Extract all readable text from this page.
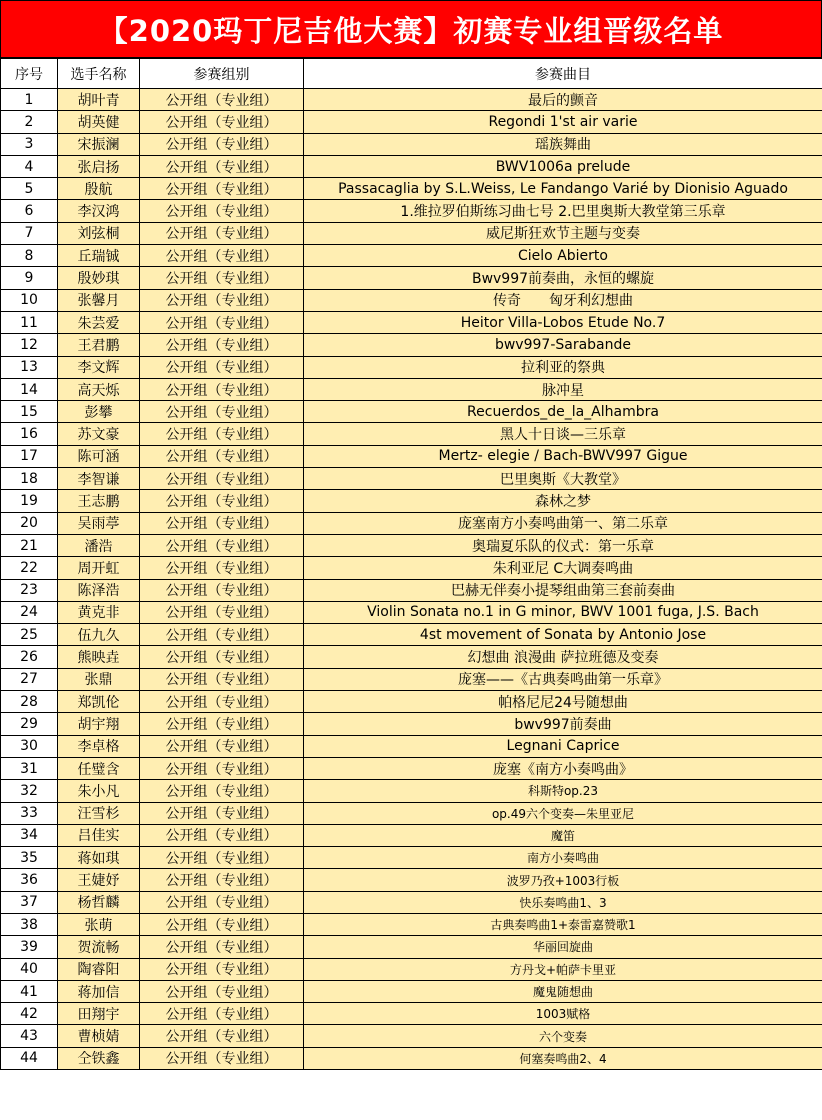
【2020玛丁尼吉他大赛】初赛专业组晋级名单
序号	选手名称	参赛组别	参赛曲目
1	胡叶青	公开组（专业组）	最后的颤音
2	胡英健	公开组（专业组）	Regondi 1'st air varie
3	宋振澜	公开组（专业组）	瑶族舞曲
4	张启扬	公开组（专业组）	BWV1006a prelude
5	殷航	公开组（专业组）	Passacaglia by S.L.Weiss, Le Fandango Varié by Dionisio Aguado
6	李汉鸿	公开组（专业组）	1.维拉罗伯斯练习曲七号 2.巴里奥斯大教堂第三乐章
7	刘弦桐	公开组（专业组）	威尼斯狂欢节主题与变奏
8	丘瑞铖	公开组（专业组）	Cielo Abierto
9	殷妙琪	公开组（专业组）	Bwv997前奏曲，永恒的螺旋
10	张馨月	公开组（专业组）	传奇　　匈牙利幻想曲
11	朱芸爱	公开组（专业组）	Heitor Villa-Lobos Etude No.7
12	王君鹏	公开组（专业组）	bwv997-Sarabande
13	李文辉	公开组（专业组）	拉利亚的祭典
14	高天烁	公开组（专业组）	脉冲星
15	彭攀	公开组（专业组）	Recuerdos_de_la_Alhambra
16	苏文豪	公开组（专业组）	黑人十日谈—三乐章
17	陈可涵	公开组（专业组）	Mertz- elegie / Bach-BWV997 Gigue
18	李智谦	公开组（专业组）	巴里奥斯《大教堂》
19	王志鹏	公开组（专业组）	森林之梦
20	吴雨葶	公开组（专业组）	庞塞南方小奏鸣曲第一、第二乐章
21	潘浩	公开组（专业组）	奥瑞夏乐队的仪式：第一乐章
22	周开虹	公开组（专业组）	朱利亚尼 C大调奏鸣曲
23	陈泽浩	公开组（专业组）	巴赫无伴奏小提琴组曲第三套前奏曲
24	黄克非	公开组（专业组）	Violin Sonata no.1 in G minor, BWV 1001 fuga, J.S. Bach
25	伍九久	公开组（专业组）	4st movement of Sonata by Antonio Jose
26	熊映垚	公开组（专业组）	幻想曲 浪漫曲 萨拉班德及变奏
27	张鼎	公开组（专业组）	庞塞——《古典奏鸣曲第一乐章》
28	郑凯伦	公开组（专业组）	帕格尼尼24号随想曲
29	胡宇翔	公开组（专业组）	bwv997前奏曲
30	李卓格	公开组（专业组）	Legnani Caprice
31	任璧含	公开组（专业组）	庞塞《南方小奏鸣曲》
32	朱小凡	公开组（专业组）	科斯特op.23
33	汪雪杉	公开组（专业组）	op.49六个变奏—朱里亚尼
34	吕佳实	公开组（专业组）	魔笛
35	蒋如琪	公开组（专业组）	南方小奏鸣曲
36	王婕妤	公开组（专业组）	波罗乃孜+1003行板
37	杨哲麟	公开组（专业组）	快乐奏鸣曲1、3
38	张萌	公开组（专业组）	古典奏鸣曲1+泰雷嘉赞歌1
39	贺流畅	公开组（专业组）	华丽回旋曲
40	陶睿阳	公开组（专业组）	方丹戈+帕萨卡里亚
41	蒋加信	公开组（专业组）	魔鬼随想曲
42	田翔宇	公开组（专业组）	1003赋格
43	曹桢婧	公开组（专业组）	六个变奏
44	仝铁鑫	公开组（专业组）	何塞奏鸣曲2、4
